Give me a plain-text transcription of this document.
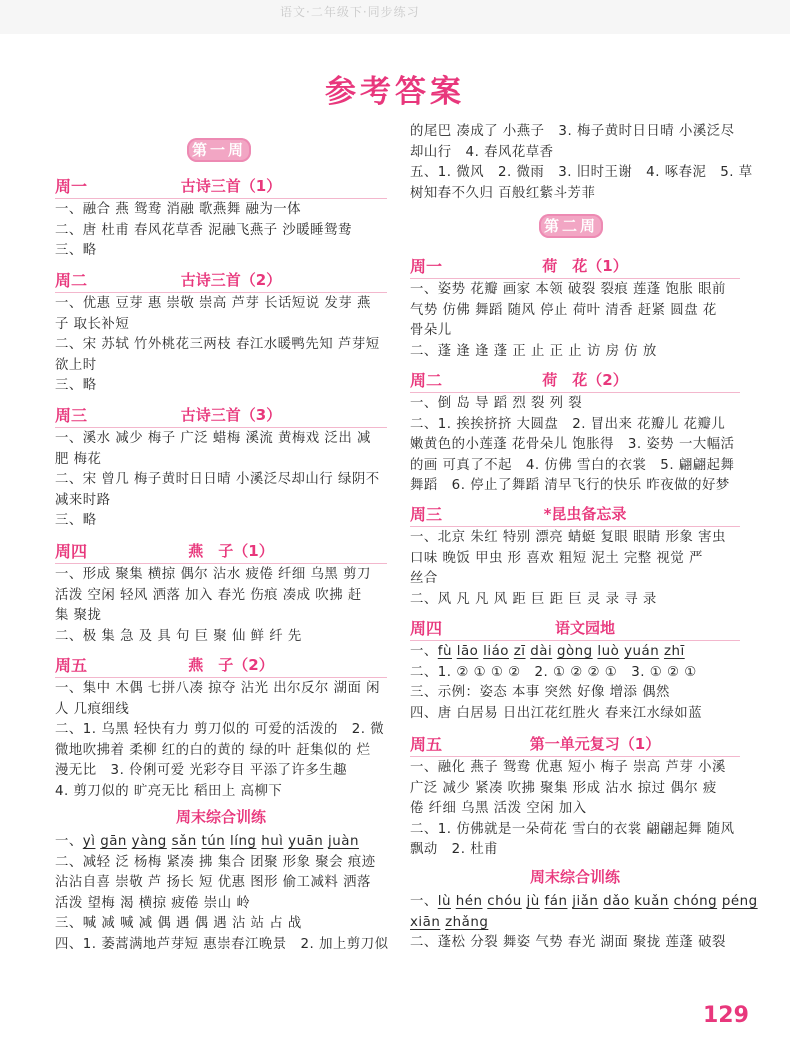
语文·二年级下·同步练习
参考答案
第一周
第二周
周一	古诗三首（1）
一、融合 燕 鸳鸯 消融 歌燕舞 融为一体
二、唐 杜甫 春风花草香 泥融飞燕子 沙暖睡鸳鸯
三、略
周二	古诗三首（2）
一、优惠 豆芽 惠 崇敬 崇高 芦芽 长话短说 发芽 燕
子 取长补短
二、宋 苏轼 竹外桃花三两枝 春江水暖鸭先知 芦芽短
欲上时
三、略
周三	古诗三首（3）
一、溪水 减少 梅子 广泛 蜡梅 溪流 黄梅戏 泛出 减
肥 梅花
二、宋 曾几 梅子黄时日日晴 小溪泛尽却山行 绿阴不
减来时路
三、略
周四	燕　子（1）
一、形成 聚集 横掠 偶尔 沾水 疲倦 纤细 乌黑 剪刀
活泼 空闲 轻风 洒落 加入 春光 伤痕 凑成 吹拂 赶
集 聚拢
二、极 集 急 及 具 句 巨 聚 仙 鲜 纤 先
周五	燕　子（2）
一、集中 木偶 七拼八凑 掠夺 沾光 出尔反尔 湖面 闲
人 几痕细线
二、1. 乌黑 轻快有力 剪刀似的 可爱的活泼的　2. 微
微地吹拂着 柔柳 红的白的黄的 绿的叶 赶集似的 烂
漫无比　3. 伶俐可爱 光彩夺目 平添了许多生趣
4. 剪刀似的 旷亮无比 稻田上 高柳下
周末综合训练
一、yì gān yàng sǎn tún líng huì yuān juàn
二、减轻 泛 杨梅 紧凑 拂 集合 团聚 形象 聚会 痕迹
沾沾自喜 崇敬 芦 扬长 短 优惠 图形 偷工减料 洒落
活泼 望梅 渴 横掠 疲倦 崇山 岭
三、喊 减 喊 减 偶 遇 偶 遇 沾 站 占 战
四、1. 萎蒿满地芦芽短 惠崇春江晚景　2. 加上剪刀似
的尾巴 凑成了 小燕子　3. 梅子黄时日日晴 小溪泛尽
却山行　4. 春风花草香
五、1. 微风　2. 微雨　3. 旧时王谢　4. 啄春泥　5. 草
树知春不久归 百般红紫斗芳菲
周一	荷　花（1）
一、姿势 花瓣 画家 本领 破裂 裂痕 莲蓬 饱胀 眼前
气势 仿佛 舞蹈 随风 停止 荷叶 清香 赶紧 圆盘 花
骨朵儿
二、蓬 逢 逢 蓬 正 止 正 止 访 房 仿 放
周二	荷　花（2）
一、倒 岛 导 蹈 烈 裂 列 裂
二、1. 挨挨挤挤 大圆盘　2. 冒出来 花瓣儿 花瓣儿
嫩黄色的小莲蓬 花骨朵儿 饱胀得　3. 姿势 一大幅活
的画 可真了不起　4. 仿佛 雪白的衣裳　5. 翩翩起舞
舞蹈　6. 停止了舞蹈 清早飞行的快乐 昨夜做的好梦
周三	*昆虫备忘录
一、北京 朱红 特别 漂亮 蜻蜓 复眼 眼睛 形象 害虫
口味 晚饭 甲虫 形 喜欢 粗短 泥土 完整 视觉 严
丝合
二、风 凡 凡 风 距 巨 距 巨 灵 录 寻 录
周四	语文园地
一、fù lāo liáo zī dài gòng luò yuán zhī
二、1. ② ① ① ②　2. ① ② ② ①　3. ① ② ①
三、示例：姿态 本事 突然 好像 增添 偶然
四、唐 白居易 日出江花红胜火 春来江水绿如蓝
周五	第一单元复习（1）
一、融化 燕子 鸳鸯 优惠 短小 梅子 崇高 芦芽 小溪
广泛 减少 紧凑 吹拂 聚集 形成 沾水 掠过 偶尔 疲
倦 纤细 乌黑 活泼 空闲 加入
二、1. 仿佛就是一朵荷花 雪白的衣裳 翩翩起舞 随风
飘动　2. 杜甫
周末综合训练
一、lù hén chóu jù fán jiǎn dǎo kuǎn chóng péng
xiān zhǎng
二、蓬松 分裂 舞姿 气势 春光 湖面 聚拢 莲蓬 破裂
129
